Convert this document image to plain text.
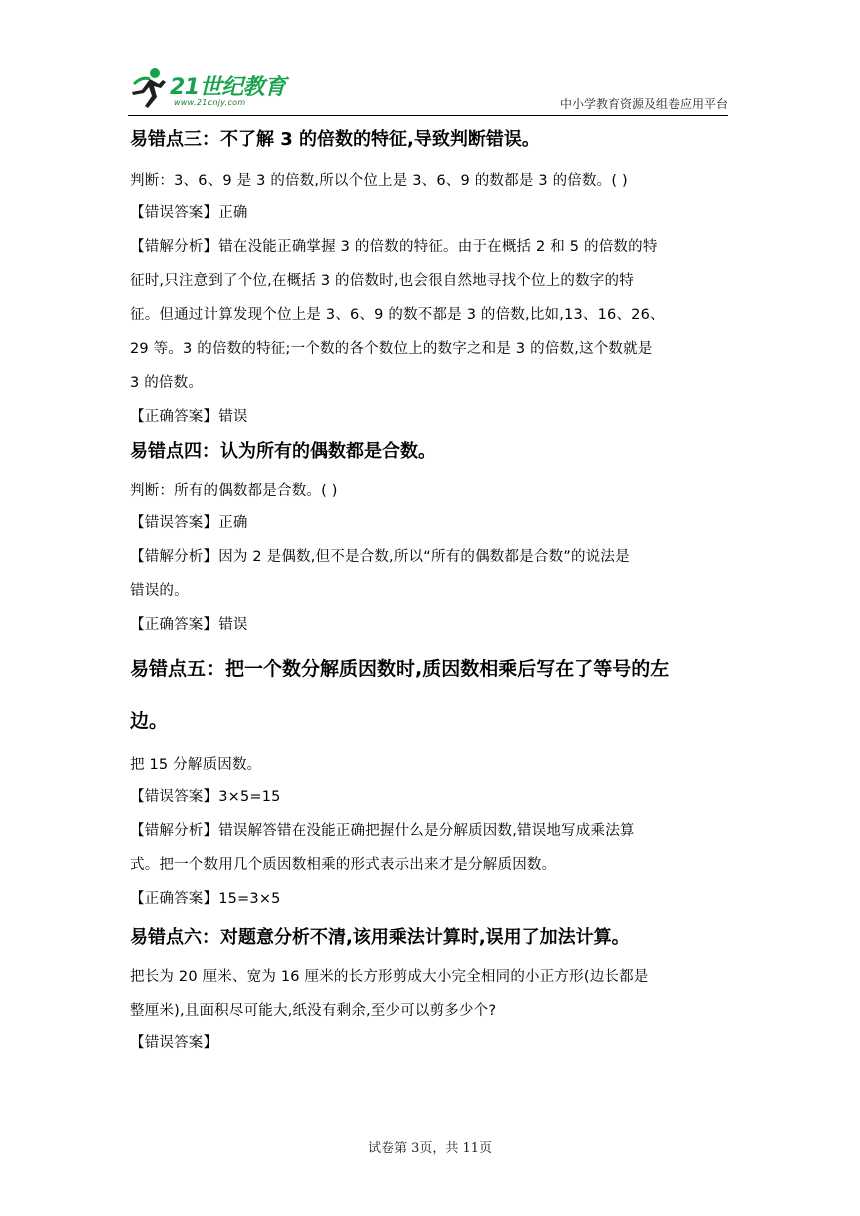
21世纪教育
www.21cnjy.com	中小学教育资源及组卷应用平台

易错点三：不了解 3 的倍数的特征,导致判断错误。

判断：3、6、9 是 3 的倍数,所以个位上是 3、6、9 的数都是 3 的倍数。( )

【错误答案】正确

【错解分析】错在没能正确掌握 3 的倍数的特征。由于在概括 2 和 5 的倍数的特

征时,只注意到了个位,在概括 3 的倍数时,也会很自然地寻找个位上的数字的特

征。但通过计算发现个位上是 3、6、9 的数不都是 3 的倍数,比如,13、16、26、

29 等。3 的倍数的特征;一个数的各个数位上的数字之和是 3 的倍数,这个数就是

3 的倍数。

【正确答案】错误

易错点四：认为所有的偶数都是合数。

判断：所有的偶数都是合数。( )

【错误答案】正确

【错解分析】因为 2 是偶数,但不是合数,所以“所有的偶数都是合数”的说法是

错误的。

【正确答案】错误

易错点五：把一个数分解质因数时,质因数相乘后写在了等号的左

边。

把 15 分解质因数。

【错误答案】3×5=15

【错解分析】错误解答错在没能正确把握什么是分解质因数,错误地写成乘法算

式。把一个数用几个质因数相乘的形式表示出来才是分解质因数。

【正确答案】15=3×5

易错点六：对题意分析不清,该用乘法计算时,误用了加法计算。

把长为 20 厘米、宽为 16 厘米的长方形剪成大小完全相同的小正方形(边长都是

整厘米),且面积尽可能大,纸没有剩余,至少可以剪多少个?

【错误答案】

试卷第 3页，共 11页
